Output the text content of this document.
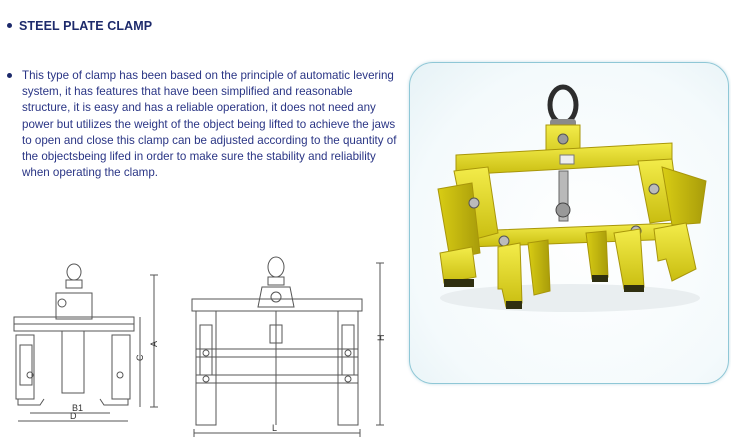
STEEL PLATE CLAMP

This type of clamp has been based on the principle of automatic levering system, it has features that have been simplified and reasonable structure, it is easy and has a reliable operation, it does not need any power but utilizes the weight of the object being lifted to achieve the jaws to open and close this clamp can be adjusted according to the quantity of the objectsbeing lifed in order to make sure the stability and reliability when operating the clamp.

A
C
B1
D
L
H
